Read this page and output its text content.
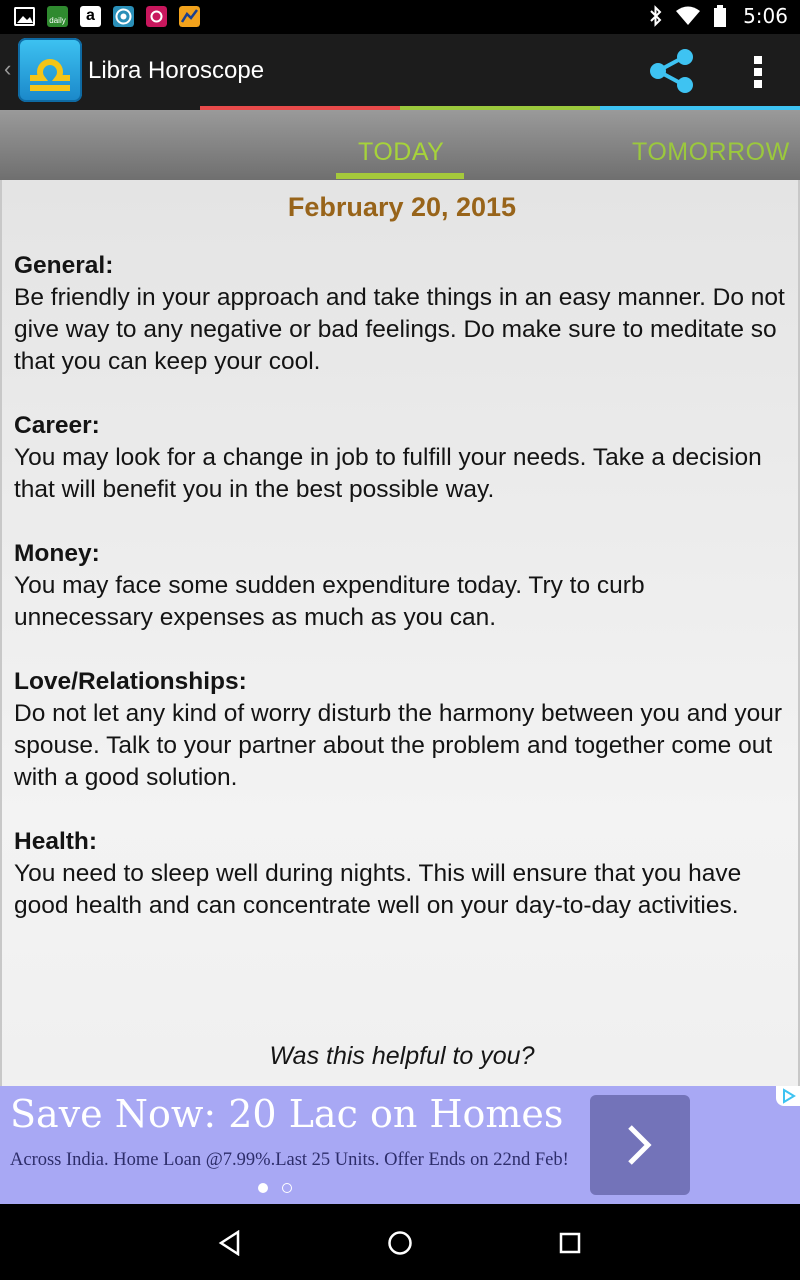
daily	a	5:06
‹	Libra Horoscope
TODAY	TOMORROW
February 20, 2015
General:
Be friendly in your approach and take things in an easy manner. Do not give way to any negative or bad feelings. Do make sure to meditate so that you can keep your cool.
Career:
You may look for a change in job to fulfill your needs. Take a decision that will benefit you in the best possible way.
Money:
You may face some sudden expenditure today. Try to curb unnecessary expenses as much as you can.
Love/Relationships:
Do not let any kind of worry disturb the harmony between you and your spouse. Talk to your partner about the problem and together come out with a good solution.
Health:
You need to sleep well during nights. This will ensure that you have good health and can concentrate well on your day-to-day activities.
Was this helpful to you?
Save Now: 20 Lac on Homes
Across India. Home Loan @7.99%.Last 25 Units. Offer Ends on 22nd Feb!
